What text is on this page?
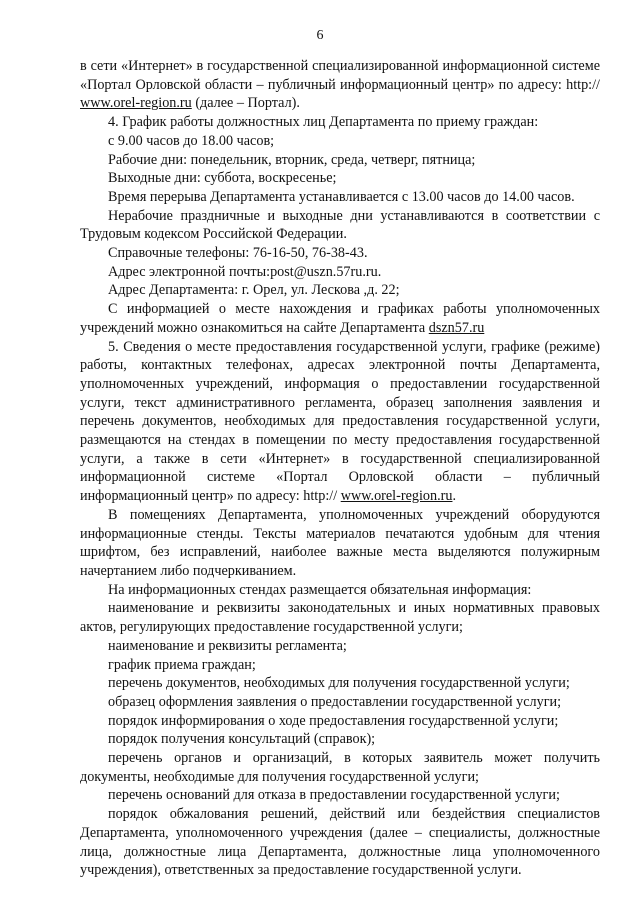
6

в сети «Интернет» в государственной специализированной информационной системе «Портал Орловской области – публичный информационный центр» по адресу: http:// www.orel-region.ru (далее – Портал).

4. График работы должностных лиц Департамента по приему граждан:

с 9.00 часов до 18.00 часов;

Рабочие дни: понедельник, вторник, среда, четверг, пятница;

Выходные дни: суббота, воскресенье;

Время перерыва Департамента устанавливается с 13.00 часов до 14.00 часов.

Нерабочие праздничные и выходные дни устанавливаются в соответствии с Трудовым кодексом Российской Федерации.

Справочные телефоны: 76-16-50, 76-38-43.

Адрес электронной почты:post@uszn.57ru.ru.

Адрес Департамента: г. Орел, ул. Лескова ,д. 22;

С информацией о месте нахождения и графиках работы уполномоченных учреждений можно ознакомиться на сайте Департамента dszn57.ru

5. Сведения о месте предоставления государственной услуги, графике (режиме) работы, контактных телефонах, адресах электронной почты Департамента, уполномоченных учреждений, информация о предоставлении государственной услуги, текст административного регламента, образец заполнения заявления и перечень документов, необходимых для предоставления государственной услуги, размещаются на стендах в помещении по месту предоставления государственной услуги, а также в сети «Интернет» в государственной специализированной информационной системе «Портал Орловской области – публичный информационный центр» по адресу: http:// www.orel-region.ru.

В помещениях Департамента, уполномоченных учреждений оборудуются информационные стенды. Тексты материалов печатаются удобным для чтения шрифтом, без исправлений, наиболее важные места выделяются полужирным начертанием либо подчеркиванием.

На информационных стендах размещается обязательная информация:

наименование и реквизиты законодательных и иных нормативных правовых актов, регулирующих предоставление государственной услуги;

наименование и реквизиты регламента;

график приема граждан;

перечень документов, необходимых для получения государственной услуги;

образец оформления заявления о предоставлении государственной услуги;

порядок информирования о ходе предоставления государственной услуги;

порядок получения консультаций (справок);

перечень органов и организаций, в которых заявитель может получить документы, необходимые для получения государственной услуги;

перечень оснований для отказа в предоставлении государственной услуги;

порядок обжалования решений, действий или бездействия специалистов Департамента, уполномоченного учреждения (далее – специалисты, должностные лица, должностные лица Департамента, должностные лица уполномоченного учреждения), ответственных за предоставление государственной услуги.
